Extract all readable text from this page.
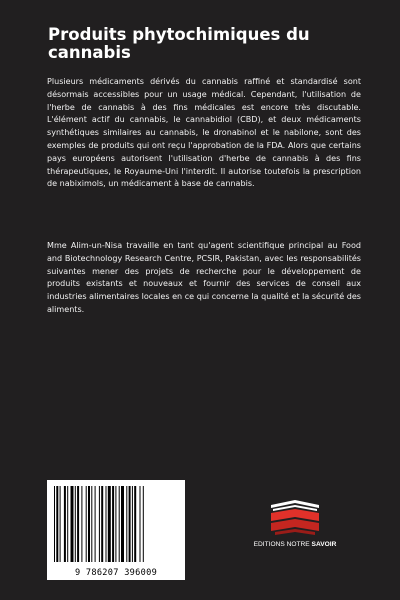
Produits phytochimiques du cannabis

Plusieurs médicaments dérivés du cannabis raffiné et standardisé sont désormais accessibles pour un usage médical. Cependant, l'utilisation de l'herbe de cannabis à des fins médicales est encore très discutable. L'élément actif du cannabis, le cannabidiol (CBD), et deux médicaments synthétiques similaires au cannabis, le dronabinol et le nabilone, sont des exemples de produits qui ont reçu l'approbation de la FDA. Alors que certains pays européens autorisent l'utilisation d'herbe de cannabis à des fins thérapeutiques, le Royaume-Uni l'interdit. Il autorise toutefois la prescription de nabiximols, un médicament à base de cannabis.

Mme Alim-un-Nisa travaille en tant qu'agent scientifique principal au Food and Biotechnology Research Centre, PCSIR, Pakistan, avec les responsabilités suivantes mener des projets de recherche pour le développement de produits existants et nouveaux et fournir des services de conseil aux industries alimentaires locales en ce qui concerne la qualité et la sécurité des aliments.

9 786207 396009
EDITIONS NOTRE SAVOIR
